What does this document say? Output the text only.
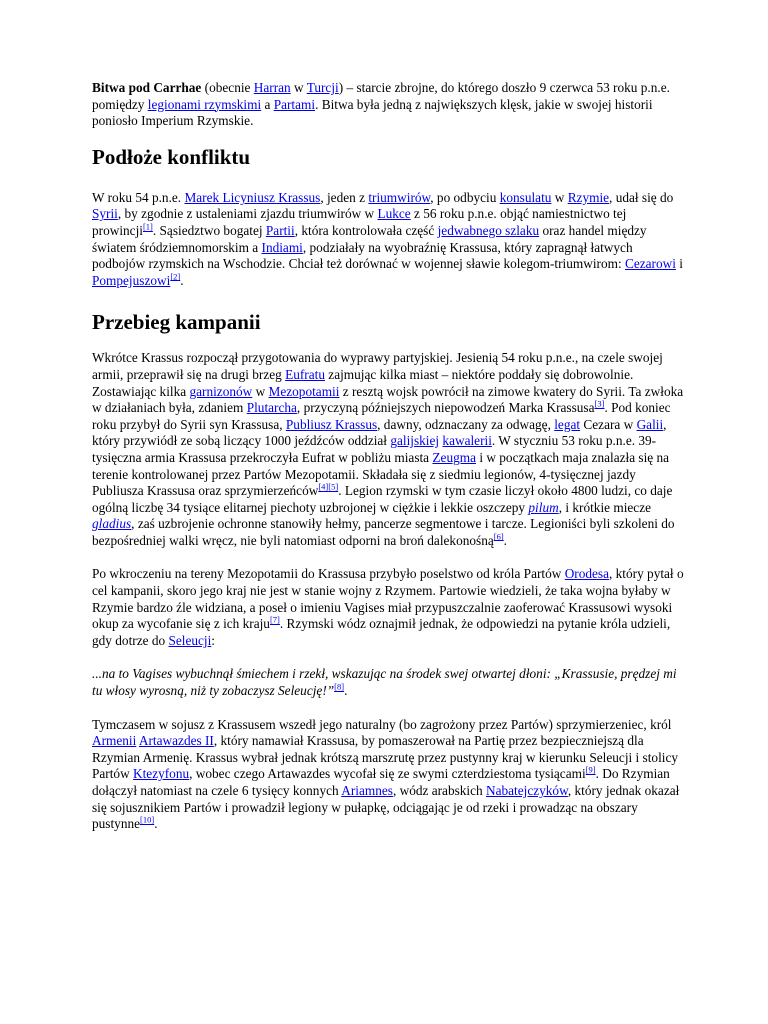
Bitwa pod Carrhae (obecnie Harran w Turcji) – starcie zbrojne, do którego doszło 9 czerwca 53 roku p.n.e. pomiędzy legionami rzymskimi a Partami. Bitwa była jedną z największych klęsk, jakie w swojej historii poniosło Imperium Rzymskie.

Podłoże konfliktu

W roku 54 p.n.e. Marek Licyniusz Krassus, jeden z triumwirów, po odbyciu konsulatu w Rzymie, udał się do Syrii, by zgodnie z ustaleniami zjazdu triumwirów w Lukce z 56 roku p.n.e. objąć namiestnictwo tej prowincji[1]. Sąsiedztwo bogatej Partii, która kontrolowała część jedwabnego szlaku oraz handel między światem śródziemnomorskim a Indiami, podziałały na wyobraźnię Krassusa, który zapragnął łatwych podbojów rzymskich na Wschodzie. Chciał też dorównać w wojennej sławie kolegom-triumwirom: Cezarowi i Pompejuszowi[2].

Przebieg kampanii

Wkrótce Krassus rozpoczął przygotowania do wyprawy partyjskiej. Jesienią 54 roku p.n.e., na czele swojej armii, przeprawił się na drugi brzeg Eufratu zajmując kilka miast – niektóre poddały się dobrowolnie. Zostawiając kilka garnizonów w Mezopotamii z resztą wojsk powrócił na zimowe kwatery do Syrii. Ta zwłoka w działaniach była, zdaniem Plutarcha, przyczyną późniejszych niepowodzeń Marka Krassusa[3]. Pod koniec roku przybył do Syrii syn Krassusa, Publiusz Krassus, dawny, odznaczany za odwagę, legat Cezara w Galii, który przywiódł ze sobą liczący 1000 jeźdźców oddział galijskiej kawalerii. W styczniu 53 roku p.n.e. 39-tysięczna armia Krassusa przekroczyła Eufrat w pobliżu miasta Zeugma i w początkach maja znalazła się na terenie kontrolowanej przez Partów Mezopotamii. Składała się z siedmiu legionów, 4-tysięcznej jazdy Publiusza Krassusa oraz sprzymierzeńców[4][5]. Legion rzymski w tym czasie liczył około 4800 ludzi, co daje ogólną liczbę 34 tysiące elitarnej piechoty uzbrojonej w ciężkie i lekkie oszczepy pilum, i krótkie miecze gladius, zaś uzbrojenie ochronne stanowiły hełmy, pancerze segmentowe i tarcze. Legioniści byli szkoleni do bezpośredniej walki wręcz, nie byli natomiast odporni na broń dalekonośną[6].

Po wkroczeniu na tereny Mezopotamii do Krassusa przybyło poselstwo od króla Partów Orodesa, który pytał o cel kampanii, skoro jego kraj nie jest w stanie wojny z Rzymem. Partowie wiedzieli, że taka wojna byłaby w Rzymie bardzo źle widziana, a poseł o imieniu Vagises miał przypuszczalnie zaoferować Krassusowi wysoki okup za wycofanie się z ich kraju[7]. Rzymski wódz oznajmił jednak, że odpowiedzi na pytanie króla udzieli, gdy dotrze do Seleucji:

...na to Vagises wybuchnął śmiechem i rzekł, wskazując na środek swej otwartej dłoni: „Krassusie, prędzej mi tu włosy wyrosną, niż ty zobaczysz Seleucję!”[8].

Tymczasem w sojusz z Krassusem wszedł jego naturalny (bo zagrożony przez Partów) sprzymierzeniec, król Armenii Artawazdes II, który namawiał Krassusa, by pomaszerował na Partię przez bezpieczniejszą dla Rzymian Armenię. Krassus wybrał jednak krótszą marszrutę przez pustynny kraj w kierunku Seleucji i stolicy Partów Ktezyfonu, wobec czego Artawazdes wycofał się ze swymi czterdziestoma tysiącami[9]. Do Rzymian dołączył natomiast na czele 6 tysięcy konnych Ariamnes, wódz arabskich Nabatejczyków, który jednak okazał się sojusznikiem Partów i prowadził legiony w pułapkę, odciągając je od rzeki i prowadząc na obszary pustynne[10].
